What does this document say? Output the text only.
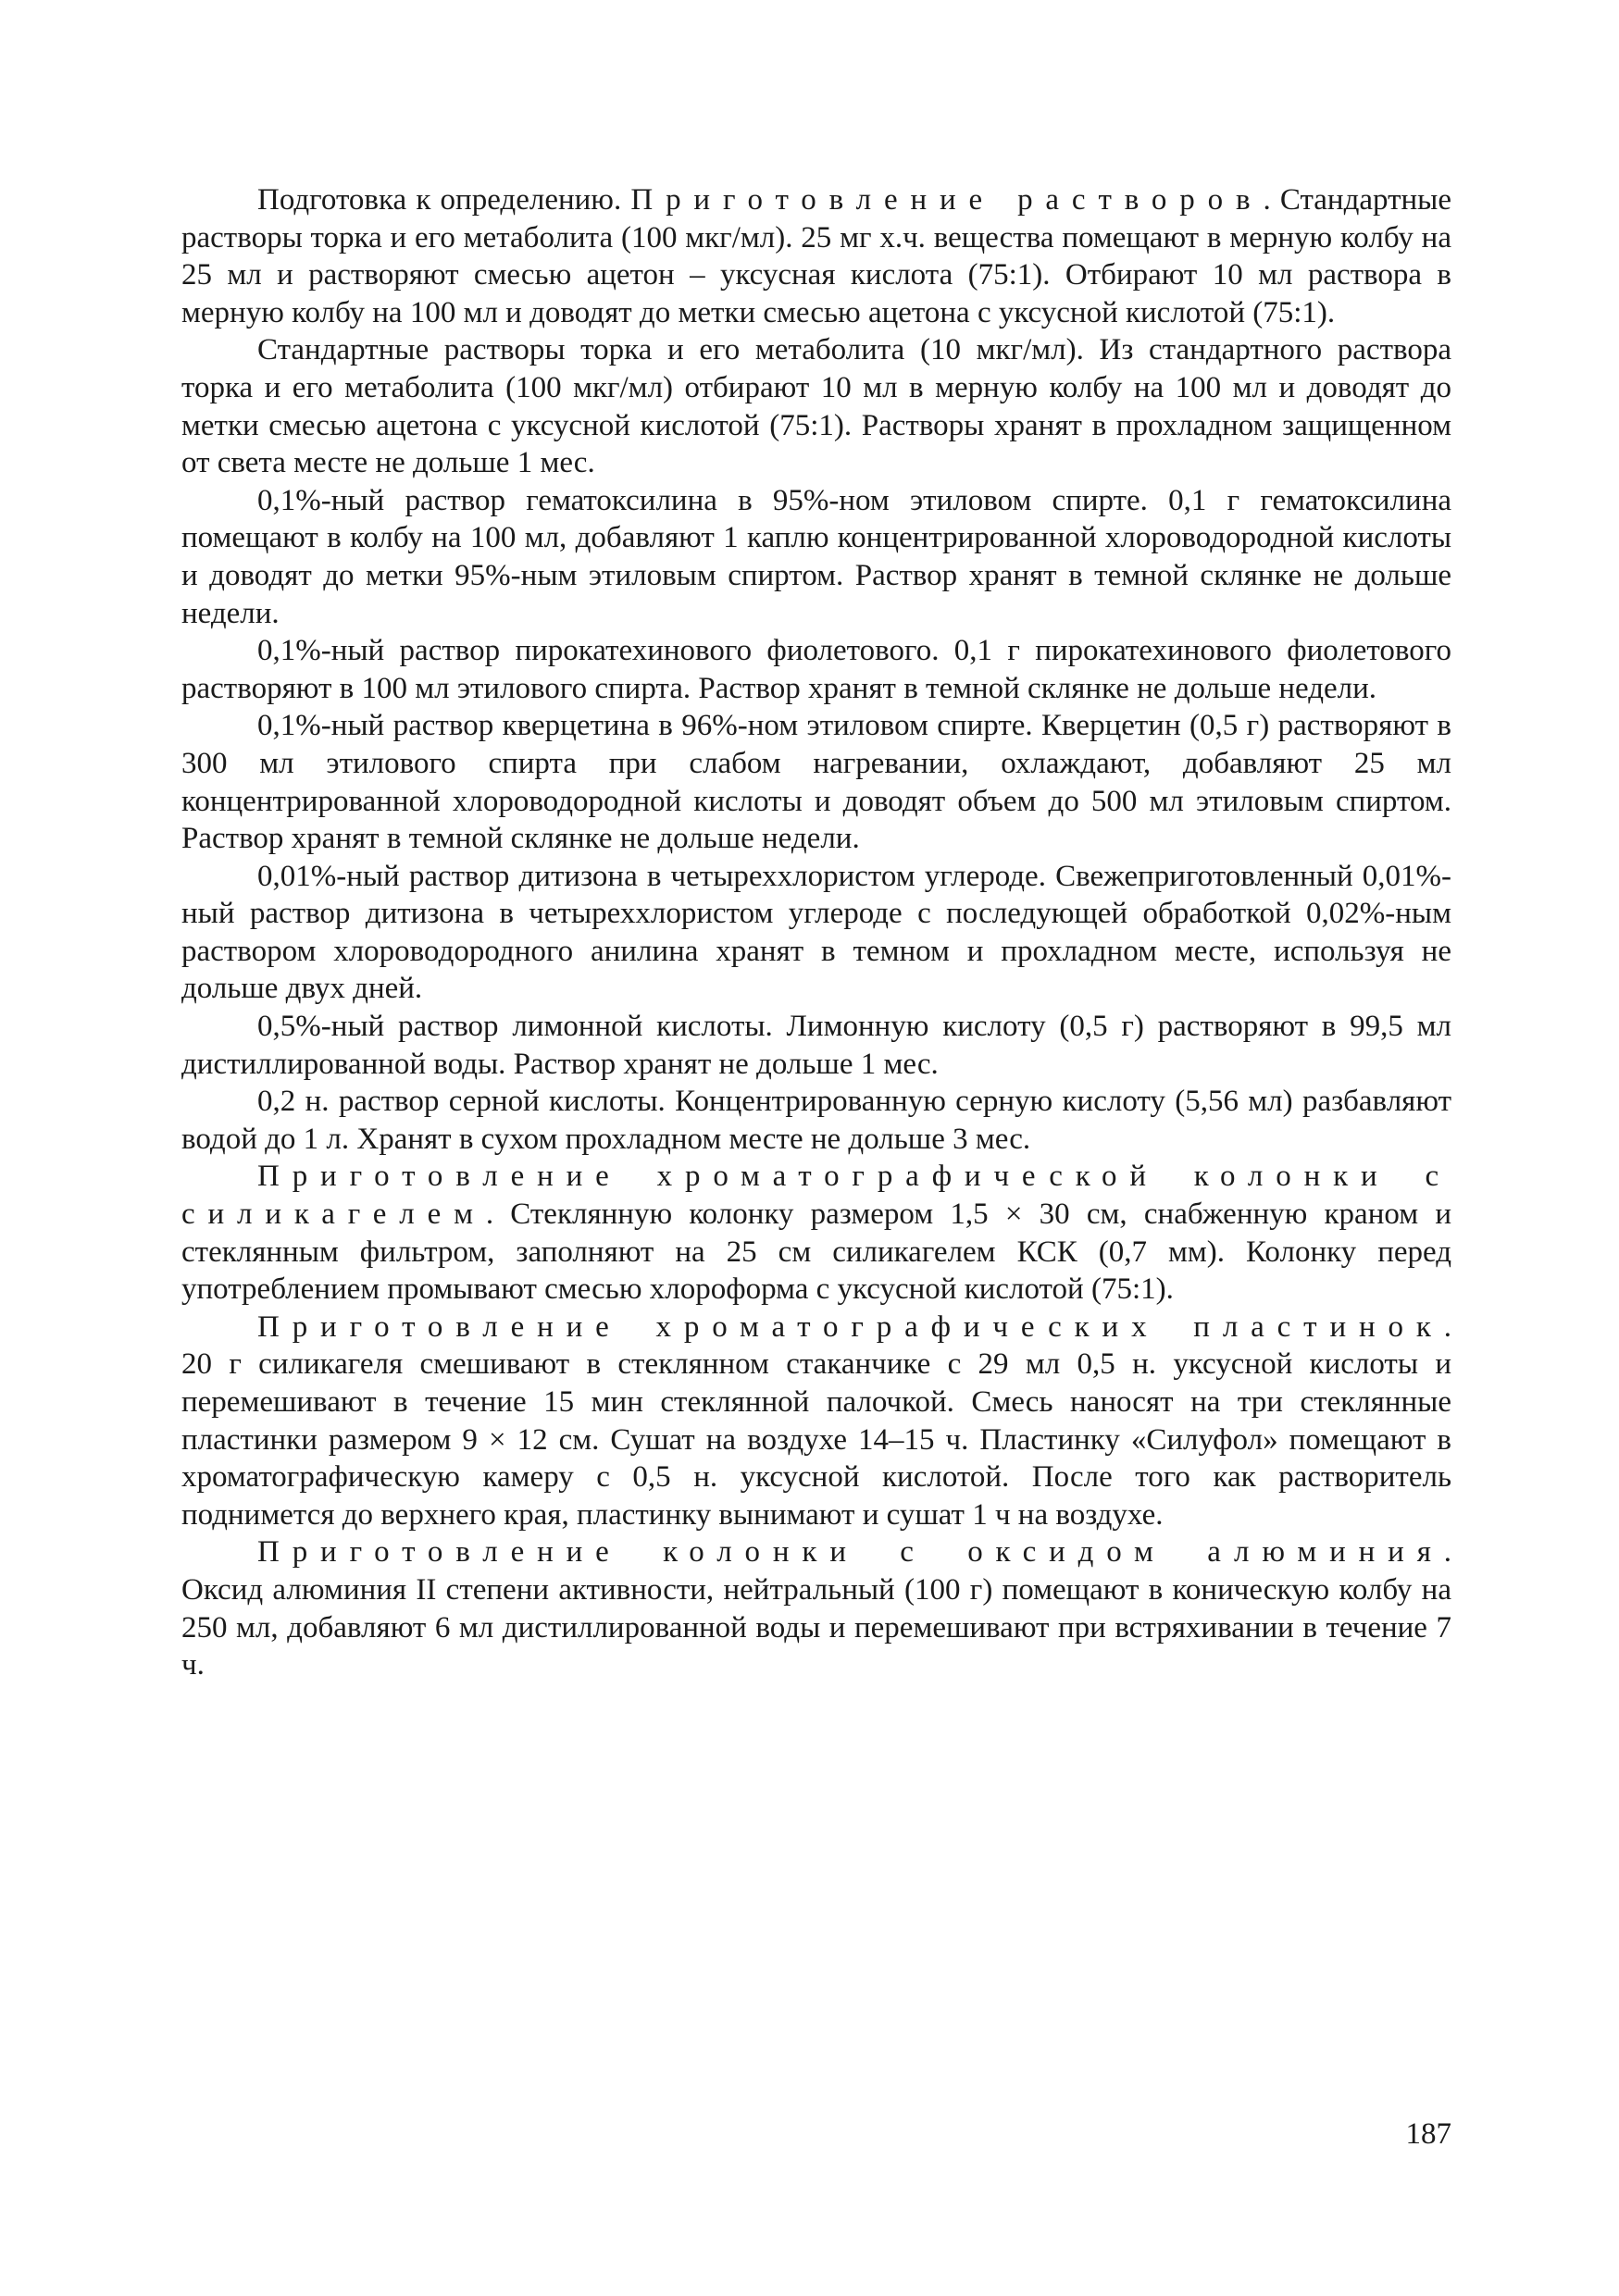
Подготовка к определению. Приготовление растворов. Стандартные растворы торка и его метаболита (100 мкг/мл). 25 мг х.ч. вещества помещают в мерную колбу на 25 мл и растворяют смесью ацетон – уксусная кислота (75:1). Отбирают 10 мл раствора в мерную колбу на 100 мл и доводят до метки смесью ацетона с уксусной кислотой (75:1).

Стандартные растворы торка и его метаболита (10 мкг/мл). Из стандартного раствора торка и его метаболита (100 мкг/мл) отбирают 10 мл в мерную колбу на 100 мл и доводят до метки смесью ацетона с уксусной кислотой (75:1). Растворы хранят в прохладном защищенном от света месте не дольше 1 мес.

0,1%-ный раствор гематоксилина в 95%-ном этиловом спирте. 0,1 г гематоксилина помещают в колбу на 100 мл, добавляют 1 каплю концентрированной хлороводородной кислоты и доводят до метки 95%-ным этиловым спиртом. Раствор хранят в темной склянке не дольше недели.

0,1%-ный раствор пирокатехинового фиолетового. 0,1 г пирокатехинового фиолетового растворяют в 100 мл этилового спирта. Раствор хранят в темной склянке не дольше недели.

0,1%-ный раствор кверцетина в 96%-ном этиловом спирте. Кверцетин (0,5 г) растворяют в 300 мл этилового спирта при слабом нагревании, охлаждают, добавляют 25 мл концентрированной хлороводородной кислоты и доводят объем до 500 мл этиловым спиртом. Раствор хранят в темной склянке не дольше недели.

0,01%-ный раствор дитизона в четыреххлористом углероде. Свежеприготовленный 0,01%-ный раствор дитизона в четыреххлористом углероде с последующей обработкой 0,02%-ным раствором хлороводородного анилина хранят в темном и прохладном месте, используя не дольше двух дней.

0,5%-ный раствор лимонной кислоты. Лимонную кислоту (0,5 г) растворяют в 99,5 мл дистиллированной воды. Раствор хранят не дольше 1 мес.

0,2 н. раствор серной кислоты. Концентрированную серную кислоту (5,56 мл) разбавляют водой до 1 л. Хранят в сухом прохладном месте не дольше 3 мес.

Приготовление хроматографической колонки с силикагелем. Стеклянную колонку размером 1,5 × 30 см, снабженную краном и стеклянным фильтром, заполняют на 25 см силикагелем КСК (0,7 мм). Колонку перед употреблением промывают смесью хлороформа с уксусной кислотой (75:1).

Приготовление хроматографических пластинок. 20 г силикагеля смешивают в стеклянном стаканчике с 29 мл 0,5 н. уксусной кислоты и перемешивают в течение 15 мин стеклянной палочкой. Смесь наносят на три стеклянные пластинки размером 9 × 12 см. Сушат на воздухе 14–15 ч. Пластинку «Силуфол» помещают в хроматографическую камеру с 0,5 н. уксусной кислотой. После того как растворитель поднимется до верхнего края, пластинку вынимают и сушат 1 ч на воздухе.

Приготовление колонки с оксидом алюминия. Оксид алюминия II степени активности, нейтральный (100 г) помещают в коническую колбу на 250 мл, добавляют 6 мл дистиллированной воды и перемешивают при встряхивании в течение 7 ч.

187
